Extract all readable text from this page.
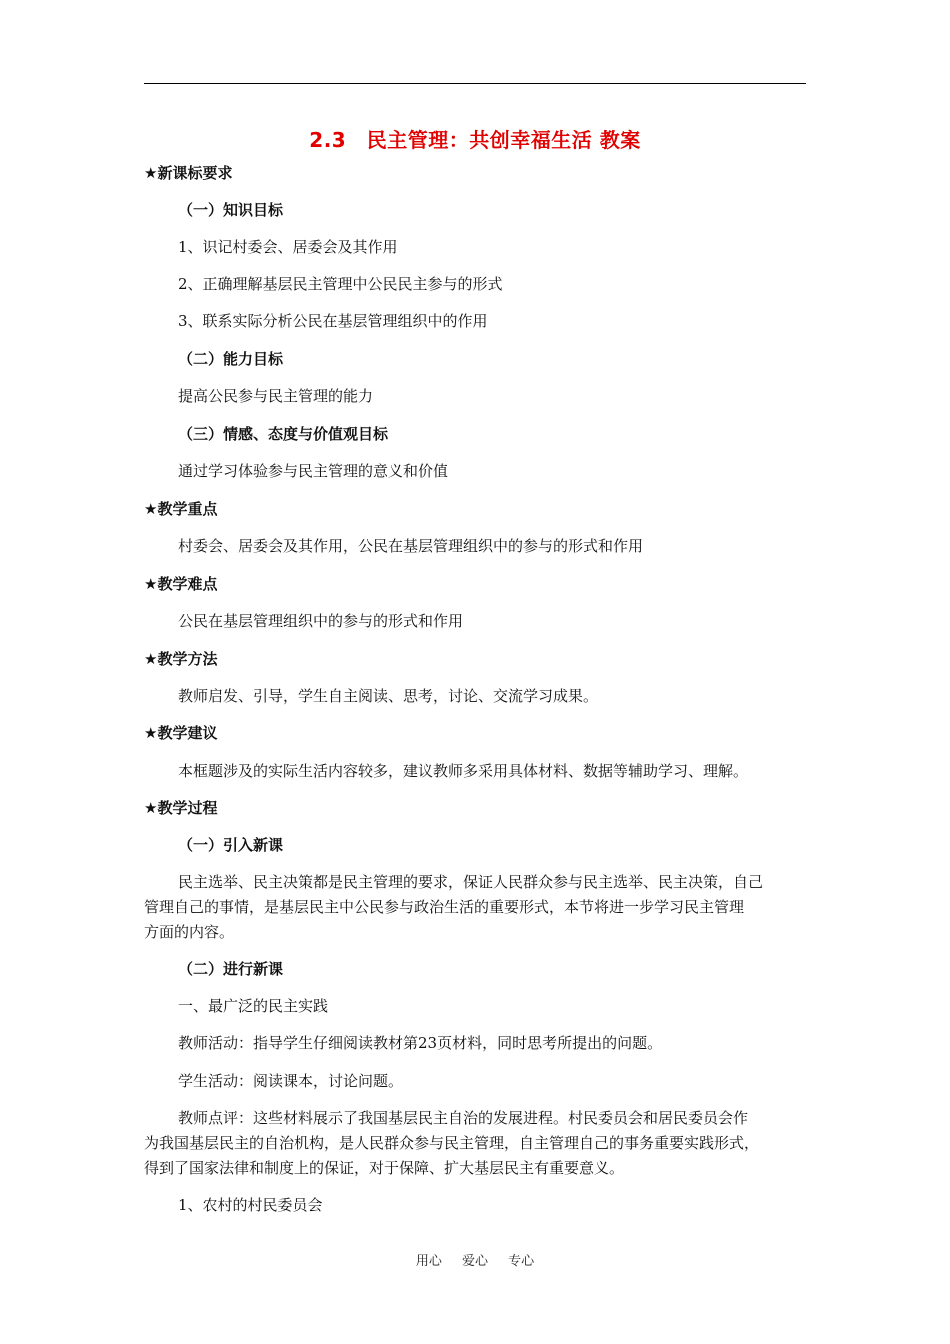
2.3　民主管理：共创幸福生活 教案
★新课标要求
（一）知识目标
1、识记村委会、居委会及其作用
2、正确理解基层民主管理中公民民主参与的形式
3、联系实际分析公民在基层管理组织中的作用
（二）能力目标
提高公民参与民主管理的能力
（三）情感、态度与价值观目标
通过学习体验参与民主管理的意义和价值
★教学重点
村委会、居委会及其作用，公民在基层管理组织中的参与的形式和作用
★教学难点
公民在基层管理组织中的参与的形式和作用
★教学方法
教师启发、引导，学生自主阅读、思考，讨论、交流学习成果。
★教学建议
本框题涉及的实际生活内容较多，建议教师多采用具体材料、数据等辅助学习、理解。
★教学过程
（一）引入新课
民主选举、民主决策都是民主管理的要求，保证人民群众参与民主选举、民主决策，自己
管理自己的事情，是基层民主中公民参与政治生活的重要形式，本节将进一步学习民主管理
方面的内容。
（二）进行新课
一、最广泛的民主实践
教师活动：指导学生仔细阅读教材第23页材料，同时思考所提出的问题。
学生活动：阅读课本，讨论问题。
教师点评：这些材料展示了我国基层民主自治的发展进程。村民委员会和居民委员会作
为我国基层民主的自治机构，是人民群众参与民主管理，自主管理自己的事务重要实践形式，
得到了国家法律和制度上的保证，对于保障、扩大基层民主有重要意义。
1、农村的村民委员会
用心 爱心 专心
